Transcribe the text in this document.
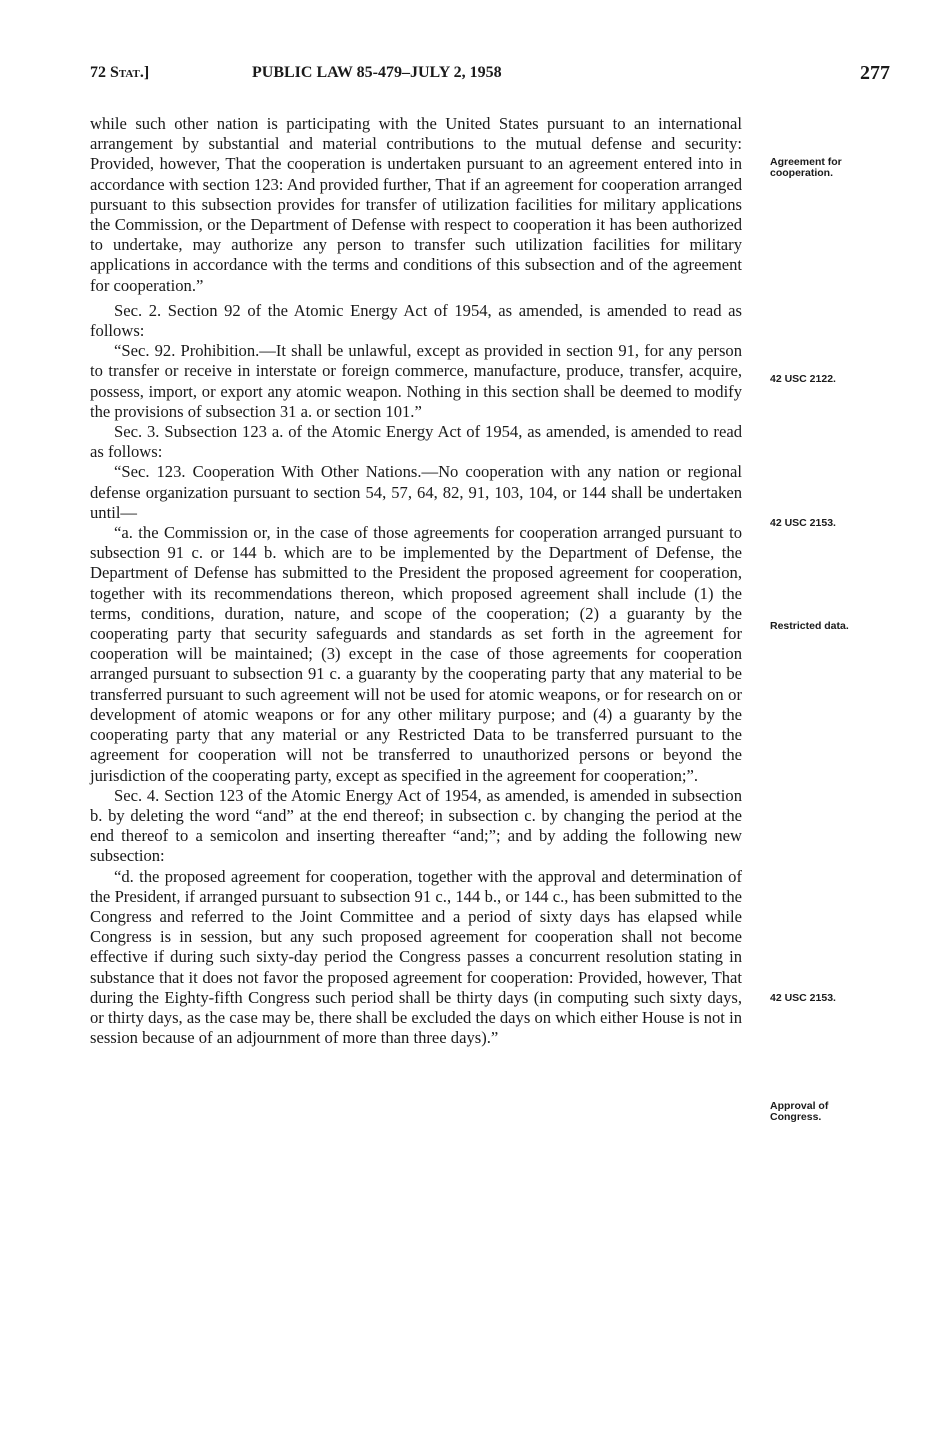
72 Stat.]	PUBLIC LAW 85-479–JULY 2, 1958	277

while such other nation is participating with the United States pursuant to an international arrangement by substantial and material contributions to the mutual defense and security: Provided, however, That the cooperation is undertaken pursuant to an agreement entered into in accordance with section 123: And provided further, That if an agreement for cooperation arranged pursuant to this subsection provides for transfer of utilization facilities for military applications the Commission, or the Department of Defense with respect to cooperation it has been authorized to undertake, may authorize any person to transfer such utilization facilities for military applications in accordance with the terms and conditions of this subsection and of the agreement for cooperation.”

Sec. 2. Section 92 of the Atomic Energy Act of 1954, as amended, is amended to read as follows:

“Sec. 92. Prohibition.—It shall be unlawful, except as provided in section 91, for any person to transfer or receive in interstate or foreign commerce, manufacture, produce, transfer, acquire, possess, import, or export any atomic weapon. Nothing in this section shall be deemed to modify the provisions of subsection 31 a. or section 101.”

Sec. 3. Subsection 123 a. of the Atomic Energy Act of 1954, as amended, is amended to read as follows:

“Sec. 123. Cooperation With Other Nations.—No cooperation with any nation or regional defense organization pursuant to section 54, 57, 64, 82, 91, 103, 104, or 144 shall be undertaken until—

“a. the Commission or, in the case of those agreements for cooperation arranged pursuant to subsection 91 c. or 144 b. which are to be implemented by the Department of Defense, the Department of Defense has submitted to the President the proposed agreement for cooperation, together with its recommendations thereon, which proposed agreement shall include (1) the terms, conditions, duration, nature, and scope of the cooperation; (2) a guaranty by the cooperating party that security safeguards and standards as set forth in the agreement for cooperation will be maintained; (3) except in the case of those agreements for cooperation arranged pursuant to subsection 91 c. a guaranty by the cooperating party that any material to be transferred pursuant to such agreement will not be used for atomic weapons, or for research on or development of atomic weapons or for any other military purpose; and (4) a guaranty by the cooperating party that any material or any Restricted Data to be transferred pursuant to the agreement for cooperation will not be transferred to unauthorized persons or beyond the jurisdiction of the cooperating party, except as specified in the agreement for cooperation;”.

Sec. 4. Section 123 of the Atomic Energy Act of 1954, as amended, is amended in subsection b. by deleting the word “and” at the end thereof; in subsection c. by changing the period at the end thereof to a semicolon and inserting thereafter “and;”; and by adding the following new subsection:

“d. the proposed agreement for cooperation, together with the approval and determination of the President, if arranged pursuant to subsection 91 c., 144 b., or 144 c., has been submitted to the Congress and referred to the Joint Committee and a period of sixty days has elapsed while Congress is in session, but any such proposed agreement for cooperation shall not become effective if during such sixty-day period the Congress passes a concurrent resolution stating in substance that it does not favor the proposed agreement for cooperation: Provided, however, That during the Eighty-fifth Congress such period shall be thirty days (in computing such sixty days, or thirty days, as the case may be, there shall be excluded the days on which either House is not in session because of an adjournment of more than three days).”

Agreement for cooperation.
42 USC 2122.
42 USC 2153.
Restricted data.
42 USC 2153.
Approval of Congress.
